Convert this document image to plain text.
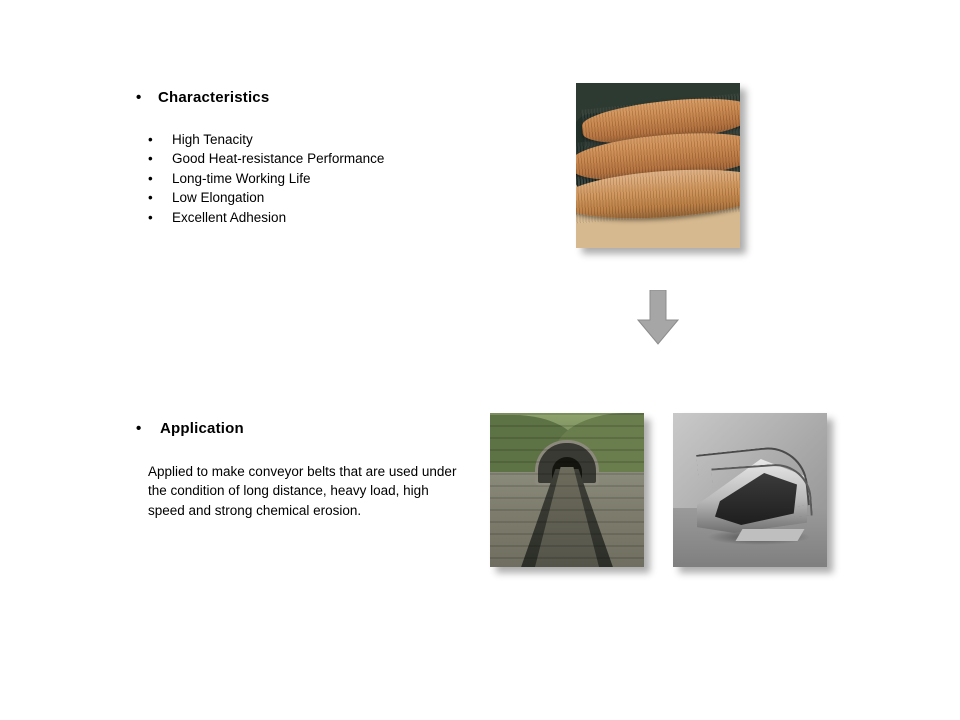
• Characteristics
• High Tenacity
• Good Heat-resistance Performance
• Long-time Working Life
• Low Elongation
• Excellent Adhesion
• Application
Applied to make conveyor belts that are used under the condition of long distance, heavy load, high speed and strong chemical erosion.
